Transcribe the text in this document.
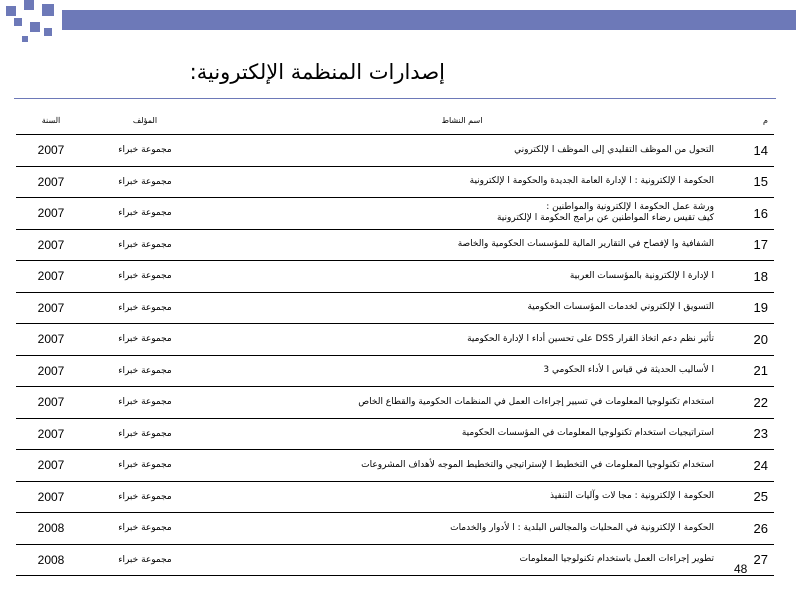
إصدارات المنظمة الإلكترونية:
م	اسم النشاط	المؤلف	السنة
14	التحول من الموظف التقليدي إلى الموظف ا لإلكتروني	مجموعة خبراء	2007
15	الحكومة ا لإلكترونية : ا لإدارة العامة الجديدة والحكومة ا لإلكترونية	مجموعة خبراء	2007
16	ورشة عمل الحكومة ا لإلكترونية والمواطنين :
كيف تقيس رضاء المواطنين عن برامج الحكومة ا لإلكترونية	مجموعة خبراء	2007
17	الشفافية وا لإفصاح في التقارير المالية للمؤسسات الحكومية والخاصة	مجموعة خبراء	2007
18	ا لإدارة ا لإلكترونية بالمؤسسات العربية	مجموعة خبراء	2007
19	التسويق ا لإلكتروني لخدمات المؤسسات الحكومية	مجموعة خبراء	2007
20	تأثير نظم دعم اتخاذ القرار DSS على تحسين أداء ا لإدارة الحكومية	مجموعة خبراء	2007
21	ا لأساليب الحديثة في قياس ا لأداء الحكومي 3	مجموعة خبراء	2007
22	استخدام تكنولوجيا المعلومات في تسيير إجراءات العمل في المنظمات الحكومية والقطاع الخاص	مجموعة خبراء	2007
23	استراتيجيات استخدام تكنولوجيا المعلومات في المؤسسات الحكومية	مجموعة خبراء	2007
24	استخدام تكنولوجيا المعلومات في التخطيط ا لإستراتيجي والتخطيط الموجه لأهداف المشروعات	مجموعة خبراء	2007
25	الحكومة ا لإلكترونية : مجا لات وآليات التنفيذ	مجموعة خبراء	2007
26	الحكومة ا لإلكترونية في المحليات والمجالس البلدية : ا لأدوار والخدمات	مجموعة خبراء	2008
27	تطوير إجراءات العمل باستخدام تكنولوجيا المعلومات	مجموعة خبراء	2008
48
